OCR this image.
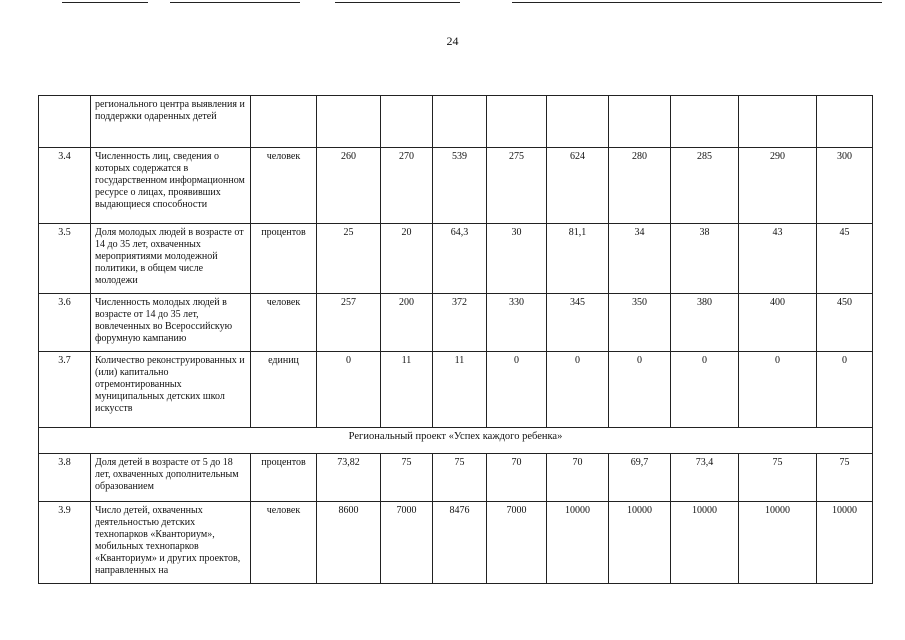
24
	регионального центра выявления и поддержки одаренных детей										
3.4	Численность лиц, сведения о которых содержатся в государственном информационном ресурсе о лицах, проявивших выдающиеся способности	человек	260	270	539	275	624	280	285	290	300
3.5	Доля молодых людей в возрасте от 14 до 35 лет, охваченных мероприятиями молодежной политики, в общем числе молодежи	процентов	25	20	64,3	30	81,1	34	38	43	45
3.6	Численность молодых людей в возрасте от 14 до 35 лет, вовлеченных во Всероссийскую форумную кампанию	человек	257	200	372	330	345	350	380	400	450
3.7	Количество реконструированных и (или) капитально отремонтированных муниципальных детских школ искусств	единиц	0	11	11	0	0	0	0	0	0
Региональный проект «Успех каждого ребенка»											
3.8	Доля детей в возрасте от 5 до 18 лет, охваченных дополнительным образованием	процентов	73,82	75	75	70	70	69,7	73,4	75	75
3.9	Число детей, охваченных деятельностью детских технопарков «Кванториум», мобильных технопарков «Кванториум» и других проектов, направленных на	человек	8600	7000	8476	7000	10000	10000	10000	10000	10000
